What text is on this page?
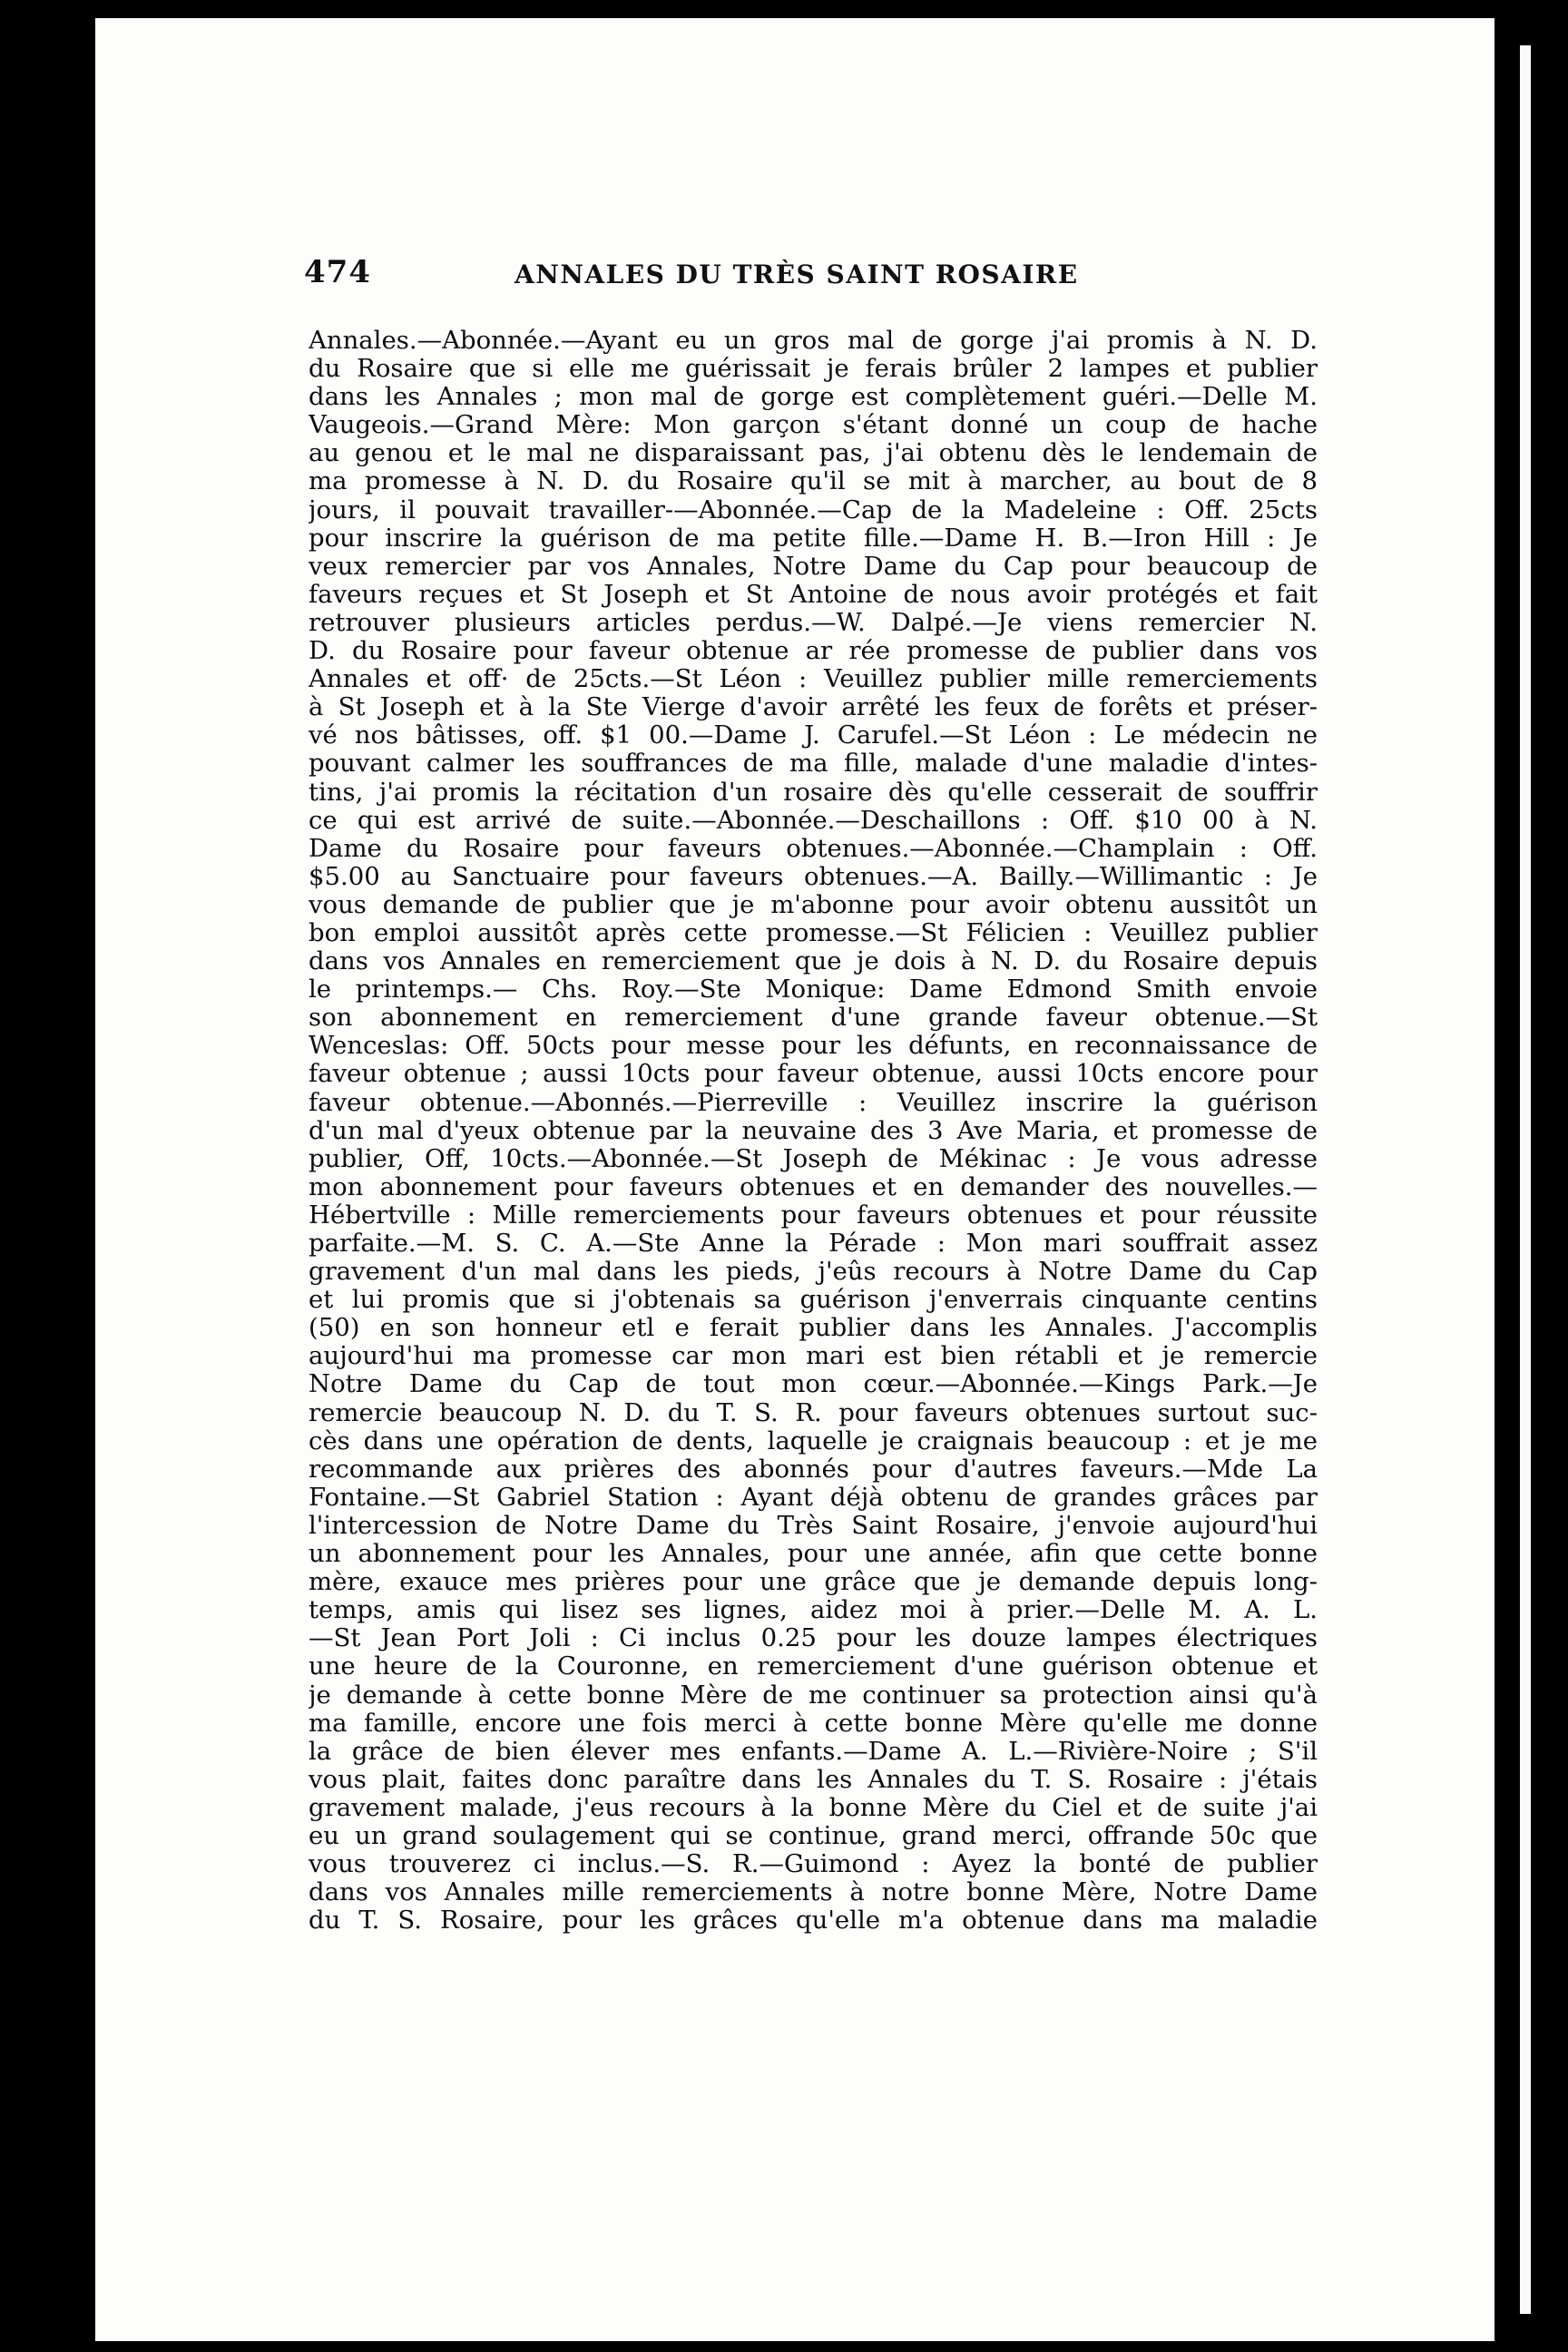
474	ANNALES DU TRÈS SAINT ROSAIRE
Annales.—Abonnée.—Ayant eu un gros mal de gorge j'ai promis à N. D.
du Rosaire que si elle me guérissait je ferais brûler 2 lampes et publier
dans les Annales ; mon mal de gorge est complètement guéri.—Delle M.
Vaugeois.—Grand Mère: Mon garçon s'étant donné un coup de hache
au genou et le mal ne disparaissant pas, j'ai obtenu dès le lendemain de
ma promesse à N. D. du Rosaire qu'il se mit à marcher, au bout de 8
jours, il pouvait travailler-—Abonnée.—Cap de la Madeleine : Off. 25cts
pour inscrire la guérison de ma petite fille.—Dame H. B.—Iron Hill : Je
veux remercier par vos Annales, Notre Dame du Cap pour beaucoup de
faveurs reçues et St Joseph et St Antoine de nous avoir protégés et fait
retrouver plusieurs articles perdus.—W. Dalpé.—Je viens remercier N.
D. du Rosaire pour faveur obtenue ar rée promesse de publier dans vos
Annales et off· de 25cts.—St Léon : Veuillez publier mille remerciements
à St Joseph et à la Ste Vierge d'avoir arrêté les feux de forêts et préser-
vé nos bâtisses, off. $1 00.—Dame J. Carufel.—St Léon : Le médecin ne
pouvant calmer les souffrances de ma fille, malade d'une maladie d'intes-
tins, j'ai promis la récitation d'un rosaire dès qu'elle cesserait de souffrir
ce qui est arrivé de suite.—Abonnée.—Deschaillons : Off. $10 00 à N.
Dame du Rosaire pour faveurs obtenues.—Abonnée.—Champlain : Off.
$5.00 au Sanctuaire pour faveurs obtenues.—A. Bailly.—Willimantic : Je
vous demande de publier que je m'abonne pour avoir obtenu aussitôt un
bon emploi aussitôt après cette promesse.—St Félicien : Veuillez publier
dans vos Annales en remerciement que je dois à N. D. du Rosaire depuis
le printemps.— Chs. Roy.—Ste Monique: Dame Edmond Smith envoie
son abonnement en remerciement d'une grande faveur obtenue.—St
Wenceslas: Off. 50cts pour messe pour les défunts, en reconnaissance de
faveur obtenue ; aussi 10cts pour faveur obtenue, aussi 10cts encore pour
faveur obtenue.—Abonnés.—Pierreville : Veuillez inscrire la guérison
d'un mal d'yeux obtenue par la neuvaine des 3 Ave Maria, et promesse de
publier, Off, 10cts.—Abonnée.—St Joseph de Mékinac : Je vous adresse
mon abonnement pour faveurs obtenues et en demander des nouvelles.—
Hébertville : Mille remerciements pour faveurs obtenues et pour réussite
parfaite.—M. S. C. A.—Ste Anne la Pérade : Mon mari souffrait assez
gravement d'un mal dans les pieds, j'eûs recours à Notre Dame du Cap
et lui promis que si j'obtenais sa guérison j'enverrais cinquante centins
(50) en son honneur etl e ferait publier dans les Annales. J'accomplis
aujourd'hui ma promesse car mon mari est bien rétabli et je remercie
Notre Dame du Cap de tout mon cœur.—Abonnée.—Kings Park.—Je
remercie beaucoup N. D. du T. S. R. pour faveurs obtenues surtout suc-
cès dans une opération de dents, laquelle je craignais beaucoup : et je me
recommande aux prières des abonnés pour d'autres faveurs.—Mde La
Fontaine.—St Gabriel Station : Ayant déjà obtenu de grandes grâces par
l'intercession de Notre Dame du Très Saint Rosaire, j'envoie aujourd'hui
un abonnement pour les Annales, pour une année, afin que cette bonne
mère, exauce mes prières pour une grâce que je demande depuis long-
temps, amis qui lisez ses lignes, aidez moi à prier.—Delle M. A. L.
—St Jean Port Joli : Ci inclus 0.25 pour les douze lampes électriques
une heure de la Couronne, en remerciement d'une guérison obtenue et
je demande à cette bonne Mère de me continuer sa protection ainsi qu'à
ma famille, encore une fois merci à cette bonne Mère qu'elle me donne
la grâce de bien élever mes enfants.—Dame A. L.—Rivière-Noire ; S'il
vous plait, faites donc paraître dans les Annales du T. S. Rosaire : j'étais
gravement malade, j'eus recours à la bonne Mère du Ciel et de suite j'ai
eu un grand soulagement qui se continue, grand merci, offrande 50c que
vous trouverez ci inclus.—S. R.—Guimond : Ayez la bonté de publier
dans vos Annales mille remerciements à notre bonne Mère, Notre Dame
du T. S. Rosaire, pour les grâces qu'elle m'a obtenue dans ma maladie
